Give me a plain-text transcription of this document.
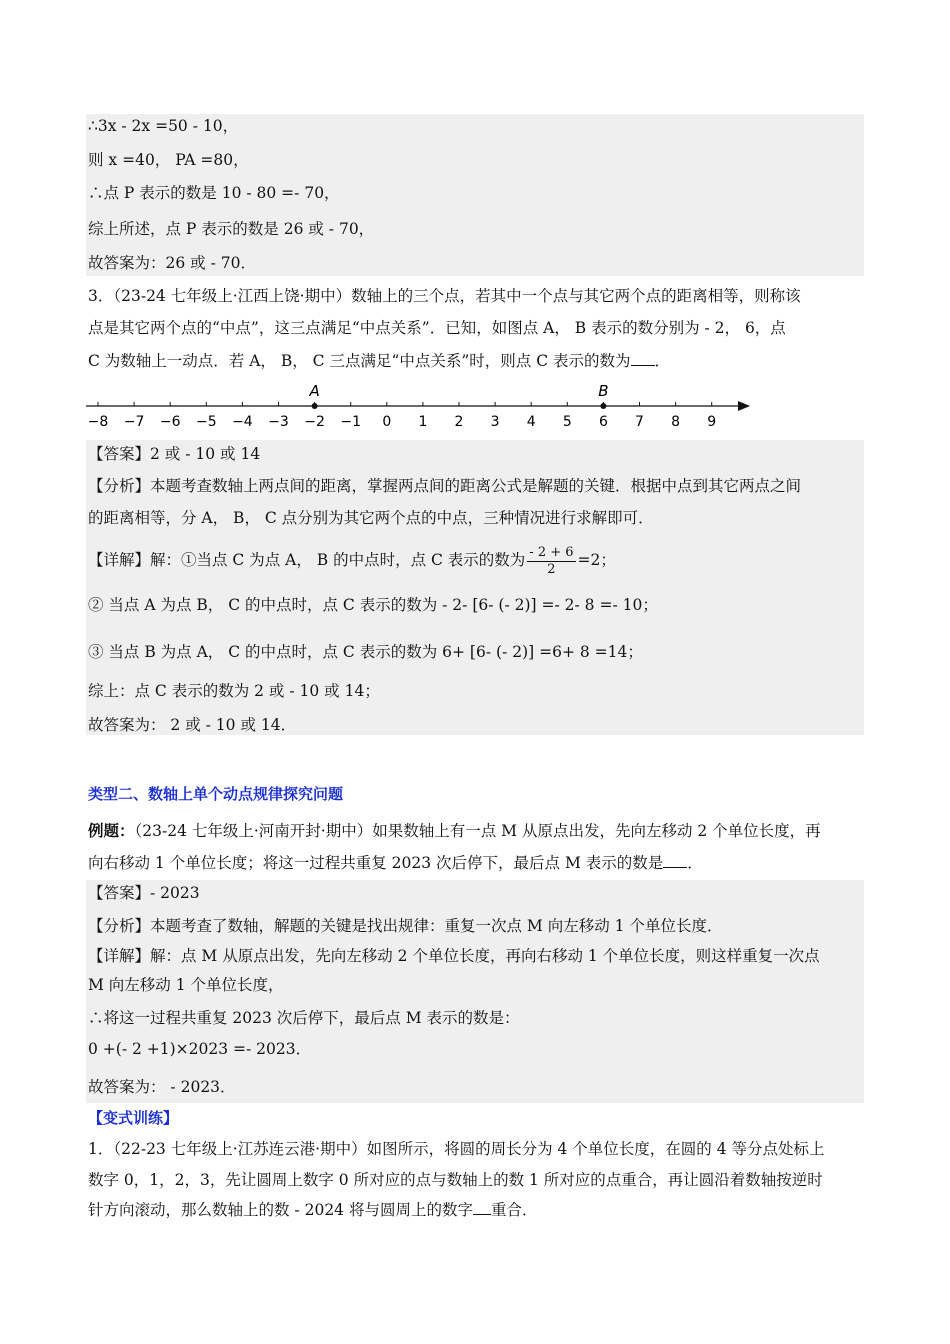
∴3x - 2x =50 - 10，
则 x =40， PA =80，
∴点 P 表示的数是 10 - 80 =- 70，
综上所述，点 P 表示的数是 26 或 - 70，
故答案为：26 或 - 70．
3．（23-24 七年级上·江西上饶·期中）数轴上的三个点，若其中一个点与其它两个点的距离相等，则称该
点是其它两个点的“中点”，这三点满足“中点关系”．已知，如图点 A， B 表示的数分别为 - 2， 6，点
C 为数轴上一动点．若 A， B， C 三点满足“中点关系”时，则点 C 表示的数为 ．
−8 −7 −6 −5 −4 −3 −2 −1 0 1 2 3 4 5 6 7 8 9
A	B
【答案】2 或 - 10 或 14
【分析】本题考查数轴上两点间的距离，掌握两点间的距离公式是解题的关键．根据中点到其它两点之间
的距离相等，分 A， B， C 点分别为其它两个点的中点，三种情况进行求解即可．
【详解】解：①当点 C 为点 A， B 的中点时，点 C 表示的数为 $\frac{- 2 + 6}{2} =2$；
② 当点 A 为点 B， C 的中点时，点 C 表示的数为 - 2- [6- (- 2)] =- 2- 8 =- 10；
③ 当点 B 为点 A， C 的中点时，点 C 表示的数为 6+ [6- (- 2)] =6+ 8 =14；
综上：点 C 表示的数为 2 或 - 10 或 14；
故答案为： 2 或 - 10 或 14．
类型二、数轴上单个动点规律探究问题
例题：（23-24 七年级上·河南开封·期中）如果数轴上有一点 M 从原点出发，先向左移动 2 个单位长度，再
向右移动 1 个单位长度；将这一过程共重复 2023 次后停下，最后点 M 表示的数是 ．
【答案】- 2023
【分析】本题考查了数轴，解题的关键是找出规律：重复一次点 M 向左移动 1 个单位长度．
【详解】解：点 M 从原点出发，先向左移动 2 个单位长度，再向右移动 1 个单位长度，则这样重复一次点
M 向左移动 1 个单位长度，
∴将这一过程共重复 2023 次后停下，最后点 M 表示的数是：
0 +(- 2 +1)×2023 =- 2023．
故答案为： - 2023．
【变式训练】
1．（22-23 七年级上·江苏连云港·期中）如图所示，将圆的周长分为 4 个单位长度，在圆的 4 等分点处标上
数字 0，1，2，3，先让圆周上数字 0 所对应的点与数轴上的数 1 所对应的点重合，再让圆沿着数轴按逆时
针方向滚动，那么数轴上的数 - 2024 将与圆周上的数字 重合．
